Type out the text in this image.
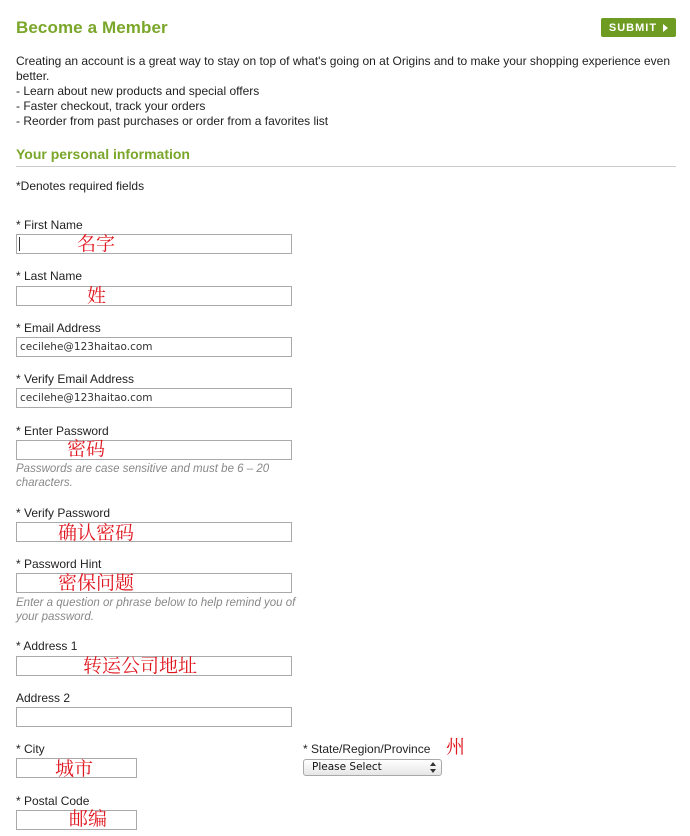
Become a Member	SUBMIT
Creating an account is a great way to stay on top of what's going on at Origins and to make your shopping experience even better.
- Learn about new products and special offers
- Faster checkout, track your orders
- Reorder from past purchases or order from a favorites list
Your personal information
*Denotes required fields
* First Name
名字
* Last Name
姓
* Email Address
cecilehe@123haitao.com
* Verify Email Address
cecilehe@123haitao.com
* Enter Password
密码
Passwords are case sensitive and must be 6 – 20 characters.
* Verify Password
确认密码
* Password Hint
密保问题
Enter a question or phrase below to help remind you of your password.
* Address 1
转运公司地址
Address 2
* City
城市
* State/Region/Province 州
Please Select
* Postal Code
邮编
